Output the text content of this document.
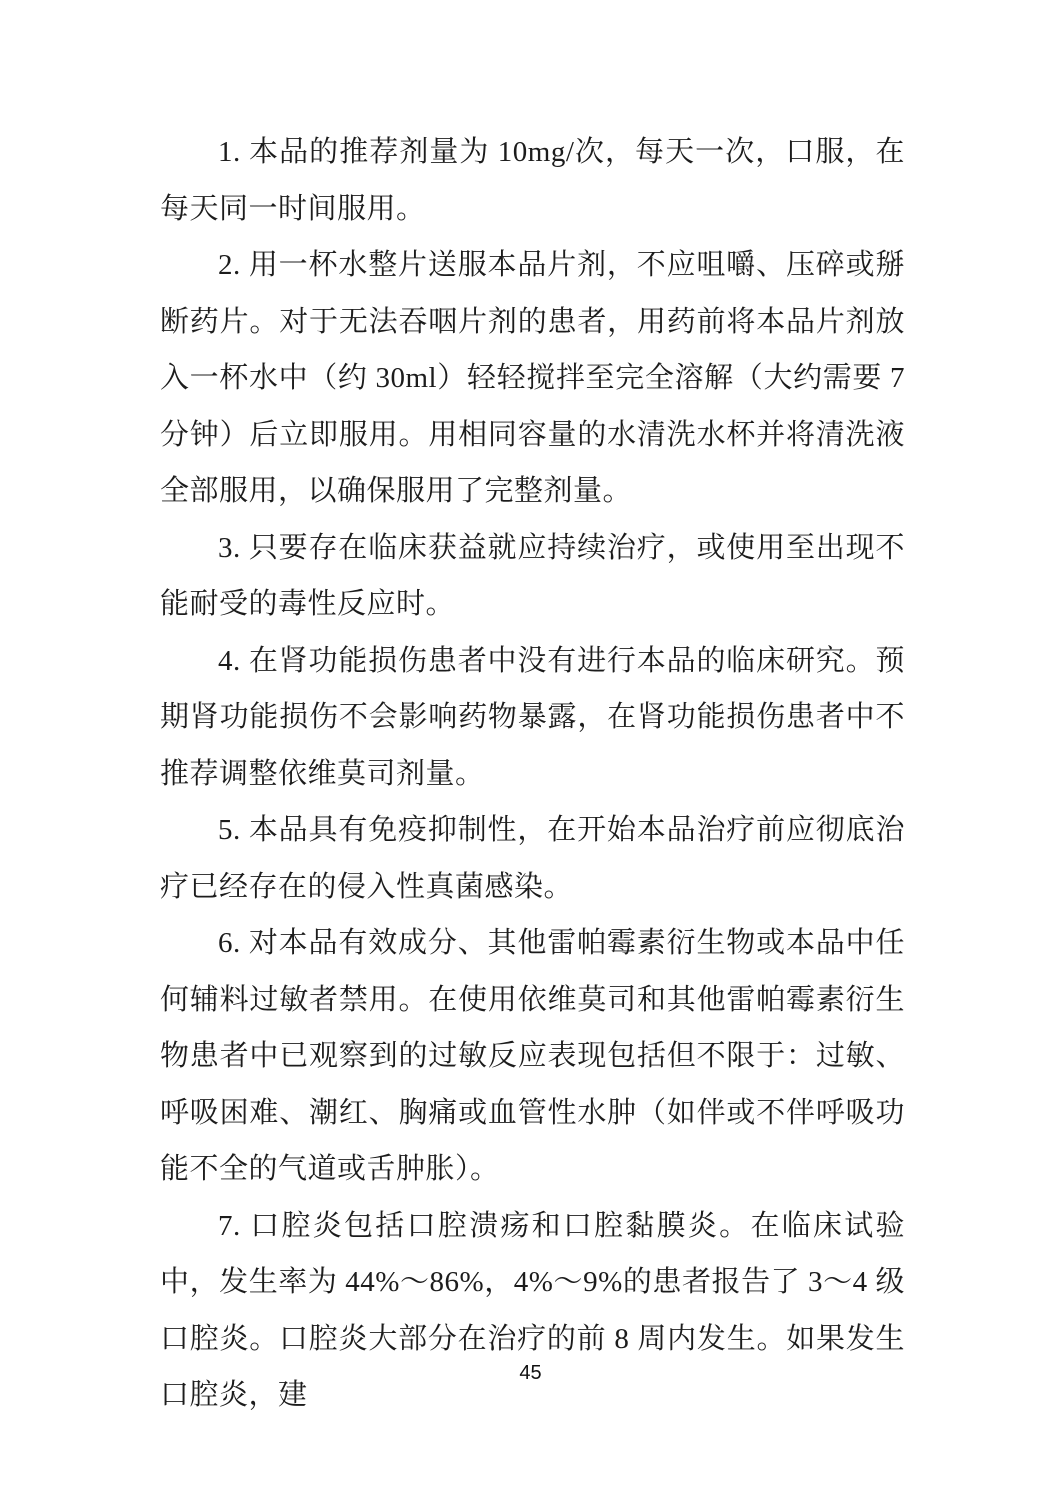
1. 本品的推荐剂量为 10mg/次，每天一次，口服，在每天同一时间服用。

2. 用一杯水整片送服本品片剂，不应咀嚼、压碎或掰断药片。对于无法吞咽片剂的患者，用药前将本品片剂放入一杯水中（约 30ml）轻轻搅拌至完全溶解（大约需要 7 分钟）后立即服用。用相同容量的水清洗水杯并将清洗液全部服用，以确保服用了完整剂量。

3. 只要存在临床获益就应持续治疗，或使用至出现不能耐受的毒性反应时。

4. 在肾功能损伤患者中没有进行本品的临床研究。预期肾功能损伤不会影响药物暴露，在肾功能损伤患者中不推荐调整依维莫司剂量。

5. 本品具有免疫抑制性，在开始本品治疗前应彻底治疗已经存在的侵入性真菌感染。

6. 对本品有效成分、其他雷帕霉素衍生物或本品中任何辅料过敏者禁用。在使用依维莫司和其他雷帕霉素衍生物患者中已观察到的过敏反应表现包括但不限于：过敏、呼吸困难、潮红、胸痛或血管性水肿（如伴或不伴呼吸功能不全的气道或舌肿胀）。

7. 口腔炎包括口腔溃疡和口腔黏膜炎。在临床试验中，发生率为 44%～86%，4%～9%的患者报告了 3～4 级口腔炎。口腔炎大部分在治疗的前 8 周内发生。如果发生口腔炎，建

45
